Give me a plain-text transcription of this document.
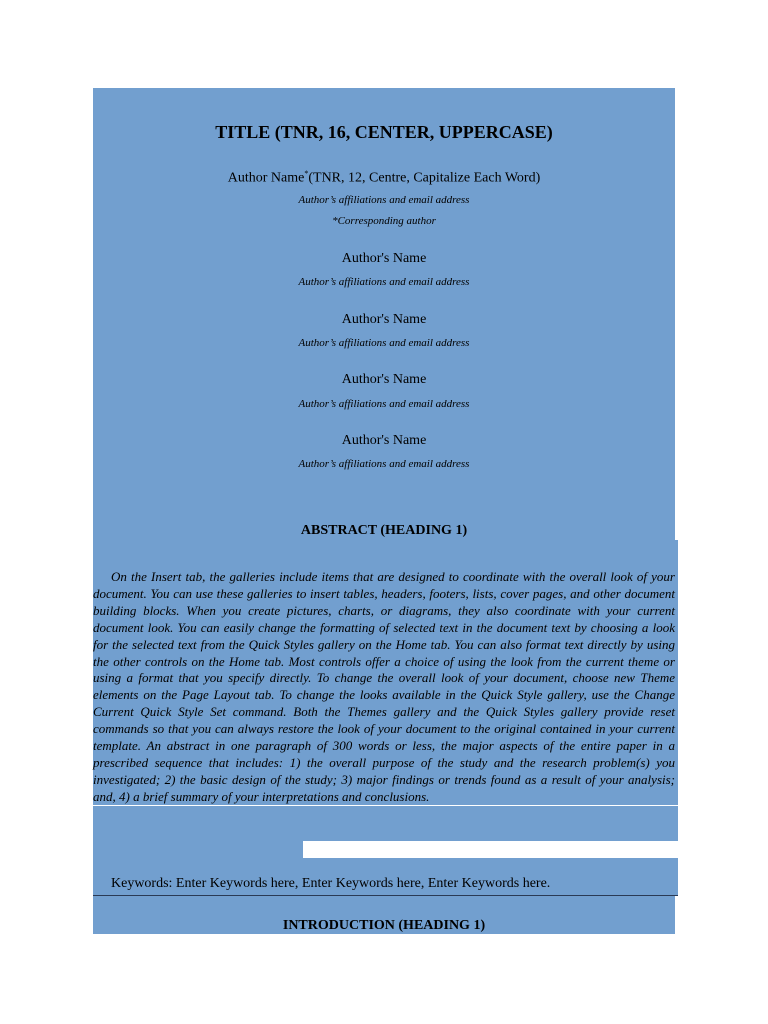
TITLE (TNR, 16, CENTER, UPPERCASE)
Author Name*(TNR, 12, Centre, Capitalize Each Word)
Author’s affiliations and email address
*Corresponding author
Author's Name
Author’s affiliations and email address
Author's Name
Author’s affiliations and email address
Author's Name
Author’s affiliations and email address
Author's Name
Author’s affiliations and email address
ABSTRACT (HEADING 1)
On the Insert tab, the galleries include items that are designed to coordinate with the overall look of your document. You can use these galleries to insert tables, headers, footers, lists, cover pages, and other document building blocks. When you create pictures, charts, or diagrams, they also coordinate with your current document look. You can easily change the formatting of selected text in the document text by choosing a look for the selected text from the Quick Styles gallery on the Home tab. You can also format text directly by using the other controls on the Home tab. Most controls offer a choice of using the look from the current theme or using a format that you specify directly. To change the overall look of your document, choose new Theme elements on the Page Layout tab. To change the looks available in the Quick Style gallery, use the Change Current Quick Style Set command. Both the Themes gallery and the Quick Styles gallery provide reset commands so that you can always restore the look of your document to the original contained in your current template. An abstract in one paragraph of 300 words or less, the major aspects of the entire paper in a prescribed sequence that includes: 1) the overall purpose of the study and the research problem(s) you investigated; 2) the basic design of the study; 3) major findings or trends found as a result of your analysis; and, 4) a brief summary of your interpretations and conclusions.
Keywords: Enter Keywords here, Enter Keywords here, Enter Keywords here.
INTRODUCTION (HEADING 1)
